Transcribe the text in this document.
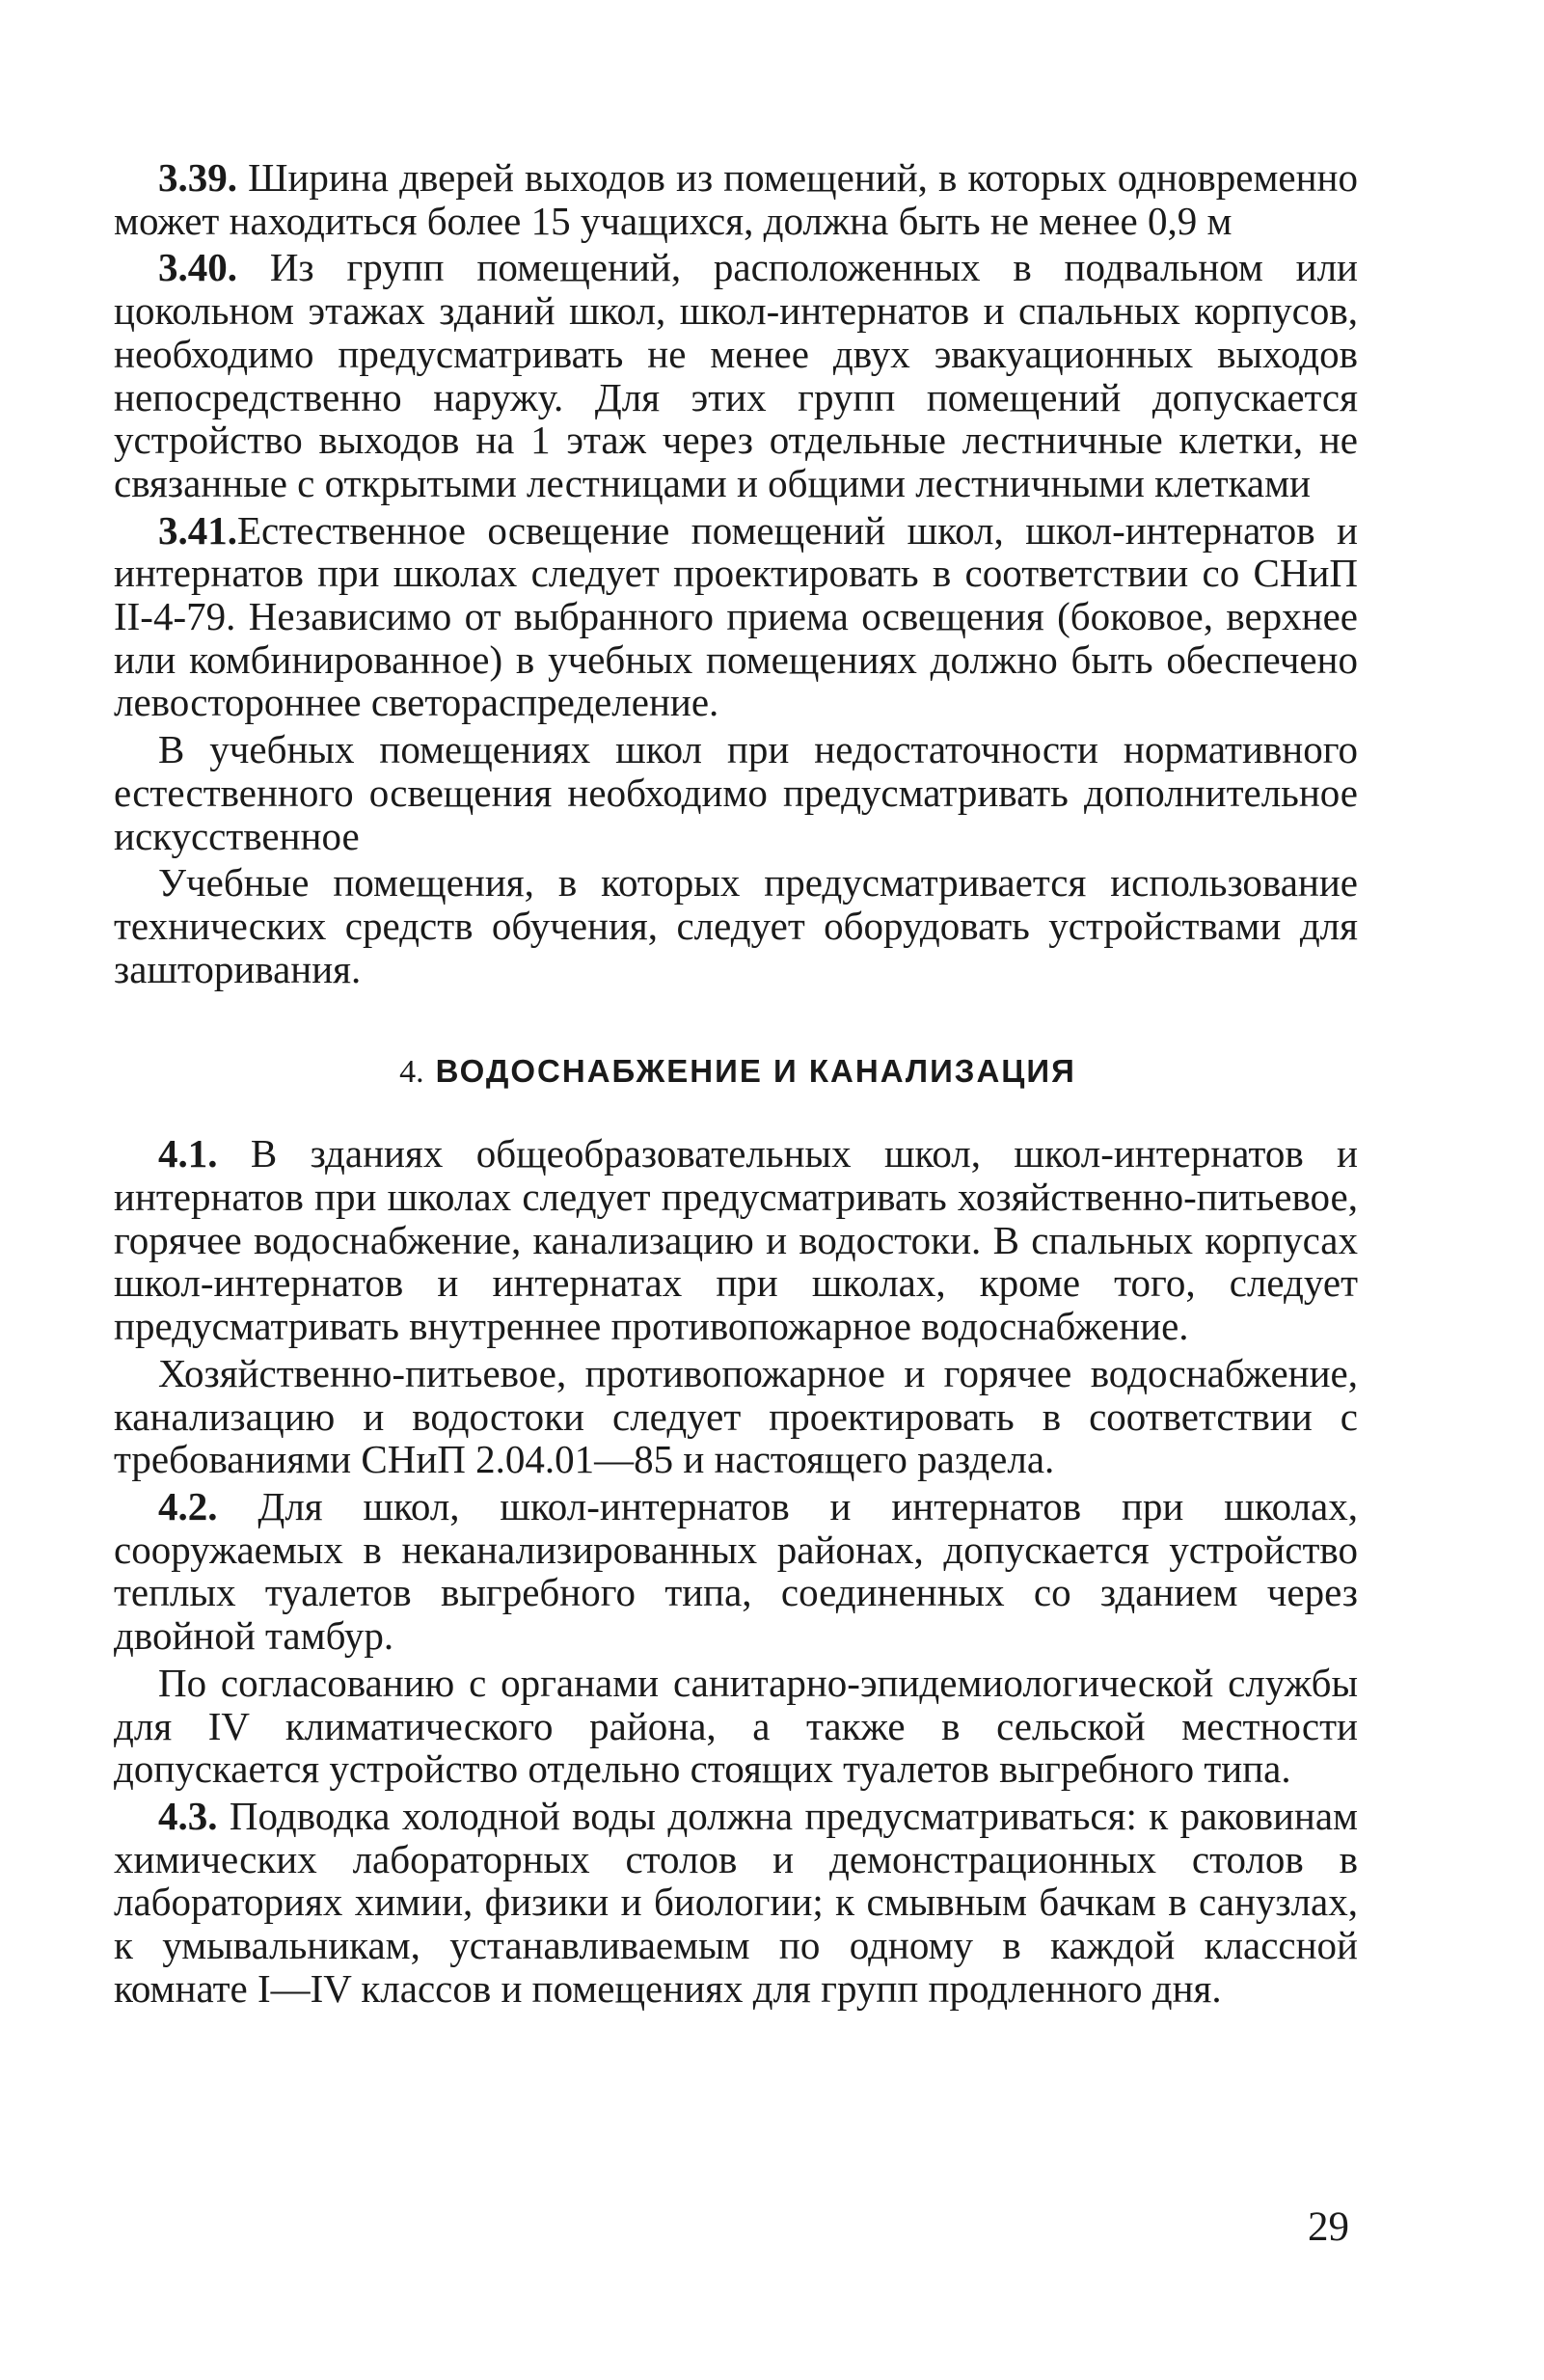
3.39. Ширина дверей выходов из помещений, в которых одновременно может находиться более 15 учащихся, должна быть не менее 0,9 м

3.40. Из групп помещений, расположенных в подвальном или цокольном этажах зданий школ, школ-интернатов и спальных корпусов, необходимо предусматривать не менее двух эвакуационных выходов непосредственно наружу. Для этих групп помещений допускается устройство выходов на 1 этаж через отдельные лестничные клетки, не связанные с открытыми лестницами и общими лестничными клетками

3.41.Естественное освещение помещений школ, школ-интернатов и интернатов при школах следует проектировать в соответствии со СНиП II-4-79. Независимо от выбранного приема освещения (боковое, верхнее или комбинированное) в учебных помещениях должно быть обеспечено левостороннее светораспределение.

В учебных помещениях школ при недостаточности нормативного естественного освещения необходимо предусматривать дополнительное искусственное

Учебные помещения, в которых предусматривается использование технических средств обучения, следует оборудовать устройствами для зашторивания.

4. ВОДОСНАБЖЕНИЕ И КАНАЛИЗАЦИЯ

4.1. В зданиях общеобразовательных школ, школ-интернатов и интернатов при школах следует предусматривать хозяйственно-питьевое, горячее водоснабжение, канализацию и водостоки. В спальных корпусах школ-интернатов и интернатах при школах, кроме того, следует предусматривать внутреннее противопожарное водоснабжение.

Хозяйственно-питьевое, противопожарное и горячее водоснабжение, канализацию и водостоки следует проектировать в соответствии с требованиями СНиП 2.04.01—85 и настоящего раздела.

4.2. Для школ, школ-интернатов и интернатов при школах, сооружаемых в неканализированных районах, допускается устройство теплых туалетов выгребного типа, соединенных со зданием через двойной тамбур.

По согласованию с органами санитарно-эпидемиологической службы для IV климатического района, а также в сельской местности допускается устройство отдельно стоящих туалетов выгребного типа.

4.3. Подводка холодной воды должна предусматриваться: к раковинам химических лабораторных столов и демонстрационных столов в лабораториях химии, физики и биологии; к смывным бачкам в санузлах, к умывальникам, устанавливаемым по одному в каждой классной комнате I—IV классов и помещениях для групп продленного дня.

29
